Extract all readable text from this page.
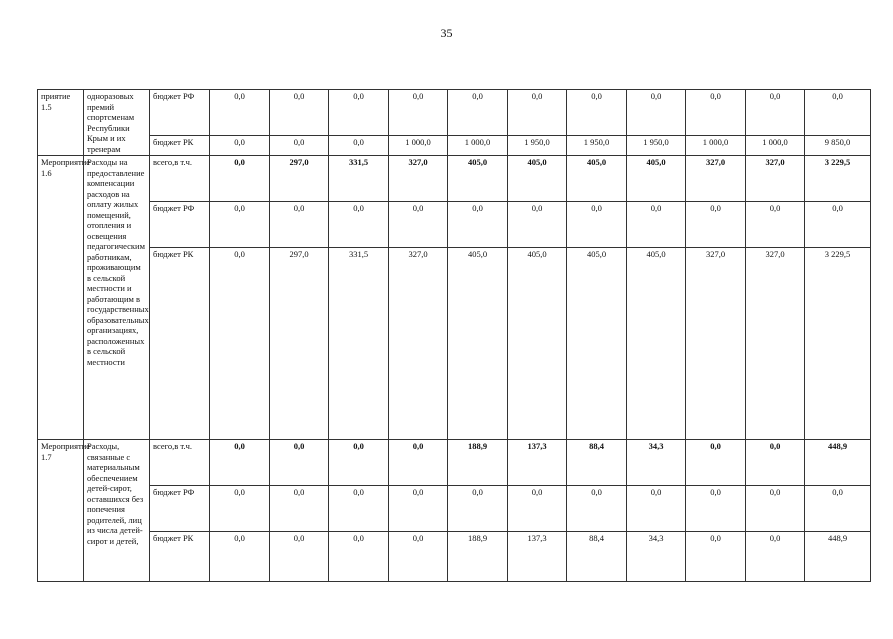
35
приятие 1.5	одноразовых премий спортсменам Республики Крым и их тренерам	бюджет РФ	0,0	0,0	0,0	0,0	0,0	0,0	0,0	0,0	0,0	0,0	0,0
		бюджет РК	0,0	0,0	0,0	1 000,0	1 000,0	1 950,0	1 950,0	1 950,0	1 000,0	1 000,0	9 850,0
Мероприятие 1.6	Расходы на предоставление компенсации расходов на оплату жилых помещений, отопления и освещения педагогическим работникам, проживающим в сельской местности и работающим в государственных образовательных организациях, расположенных в сельской местности	всего,в т.ч.	0,0	297,0	331,5	327,0	405,0	405,0	405,0	405,0	327,0	327,0	3 229,5
		бюджет РФ	0,0	0,0	0,0	0,0	0,0	0,0	0,0	0,0	0,0	0,0	0,0
		бюджет РК	0,0	297,0	331,5	327,0	405,0	405,0	405,0	405,0	327,0	327,0	3 229,5
Мероприятие 1.7	Расходы, связанные с материальным обеспечением детей-сирот, оставшихся без попечения родителей, лиц из числа детей-сирот и детей,	всего,в т.ч.	0,0	0,0	0,0	0,0	188,9	137,3	88,4	34,3	0,0	0,0	448,9
		бюджет РФ	0,0	0,0	0,0	0,0	0,0	0,0	0,0	0,0	0,0	0,0	0,0
		бюджет РК	0,0	0,0	0,0	0,0	188,9	137,3	88,4	34,3	0,0	0,0	448,9
